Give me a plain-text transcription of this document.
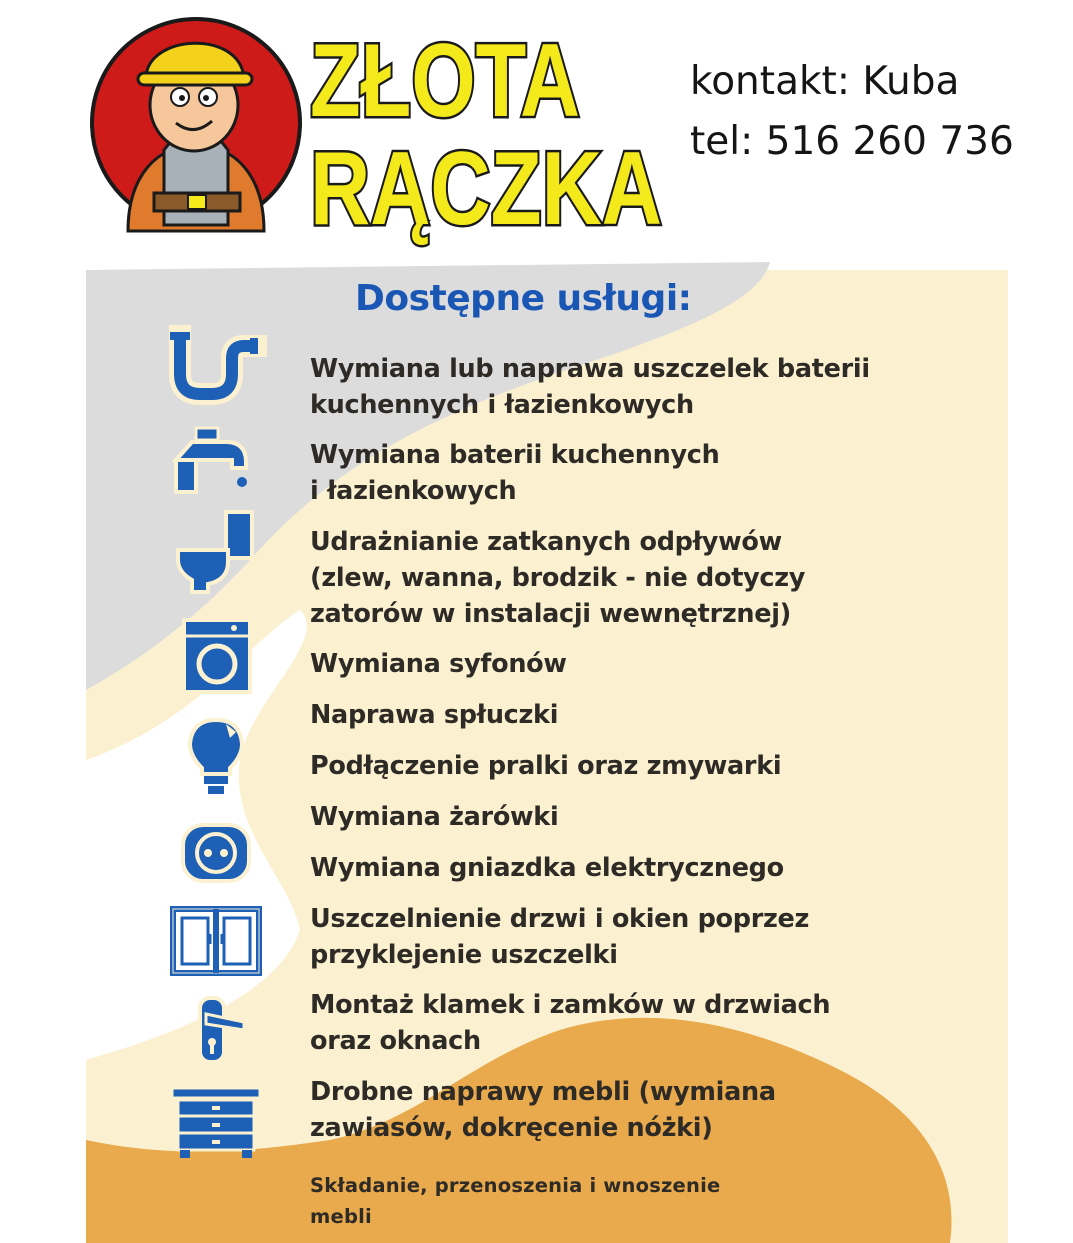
ZŁOTA
RĄCZKA
kontakt: Kuba
tel: 516 260 736
Dostępne usługi:
Wymiana lub naprawa uszczelek baterii
kuchennych i łazienkowych
Wymiana baterii kuchennych
i łazienkowych
Udrażnianie zatkanych odpływów
(zlew, wanna, brodzik - nie dotyczy
zatorów w instalacji wewnętrznej)
Wymiana syfonów
Naprawa spłuczki
Podłączenie pralki oraz zmywarki
Wymiana żarówki
Wymiana gniazdka elektrycznego
Uszczelnienie drzwi i okien poprzez
przyklejenie uszczelki
Montaż klamek i zamków w drzwiach
oraz oknach
Drobne naprawy mebli (wymiana
zawiasów, dokręcenie nóżki)
Składanie, przenoszenia i wnoszenie
mebli
